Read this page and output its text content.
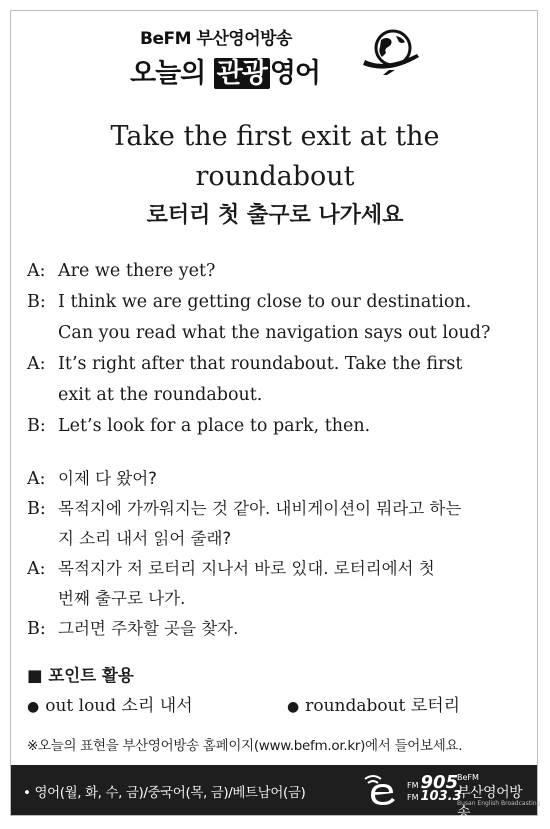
BeFM 부산영어방송
오늘의 관광 영어
Take the first exit at the
roundabout
로터리 첫 출구로 나가세요
A: Are we there yet?
B: I think we are getting close to our destination.
Can you read what the navigation says out loud?
A: It’s right after that roundabout. Take the first
exit at the roundabout.
B: Let’s look for a place to park, then.
A: 이제 다 왔어?
B: 목적지에 가까워지는 것 같아. 내비게이션이 뭐라고 하는
지 소리 내서 읽어 줄래?
A: 목적지가 저 로터리 지나서 바로 있대. 로터리에서 첫
번째 출구로 나가.
B: 그러면 주차할 곳을 찾자.
■ 포인트 활용
● out loud 소리 내서	● roundabout 로터리
※오늘의 표현을 부산영어방송 홈페이지(www.befm.or.kr)에서 들어보세요.
• 영어(월, 화, 수, 금)/중국어(목, 금)/베트남어(금)	FM 905
FM 103.3
BeFM
부산영어방송
Busan English Broadcasting
